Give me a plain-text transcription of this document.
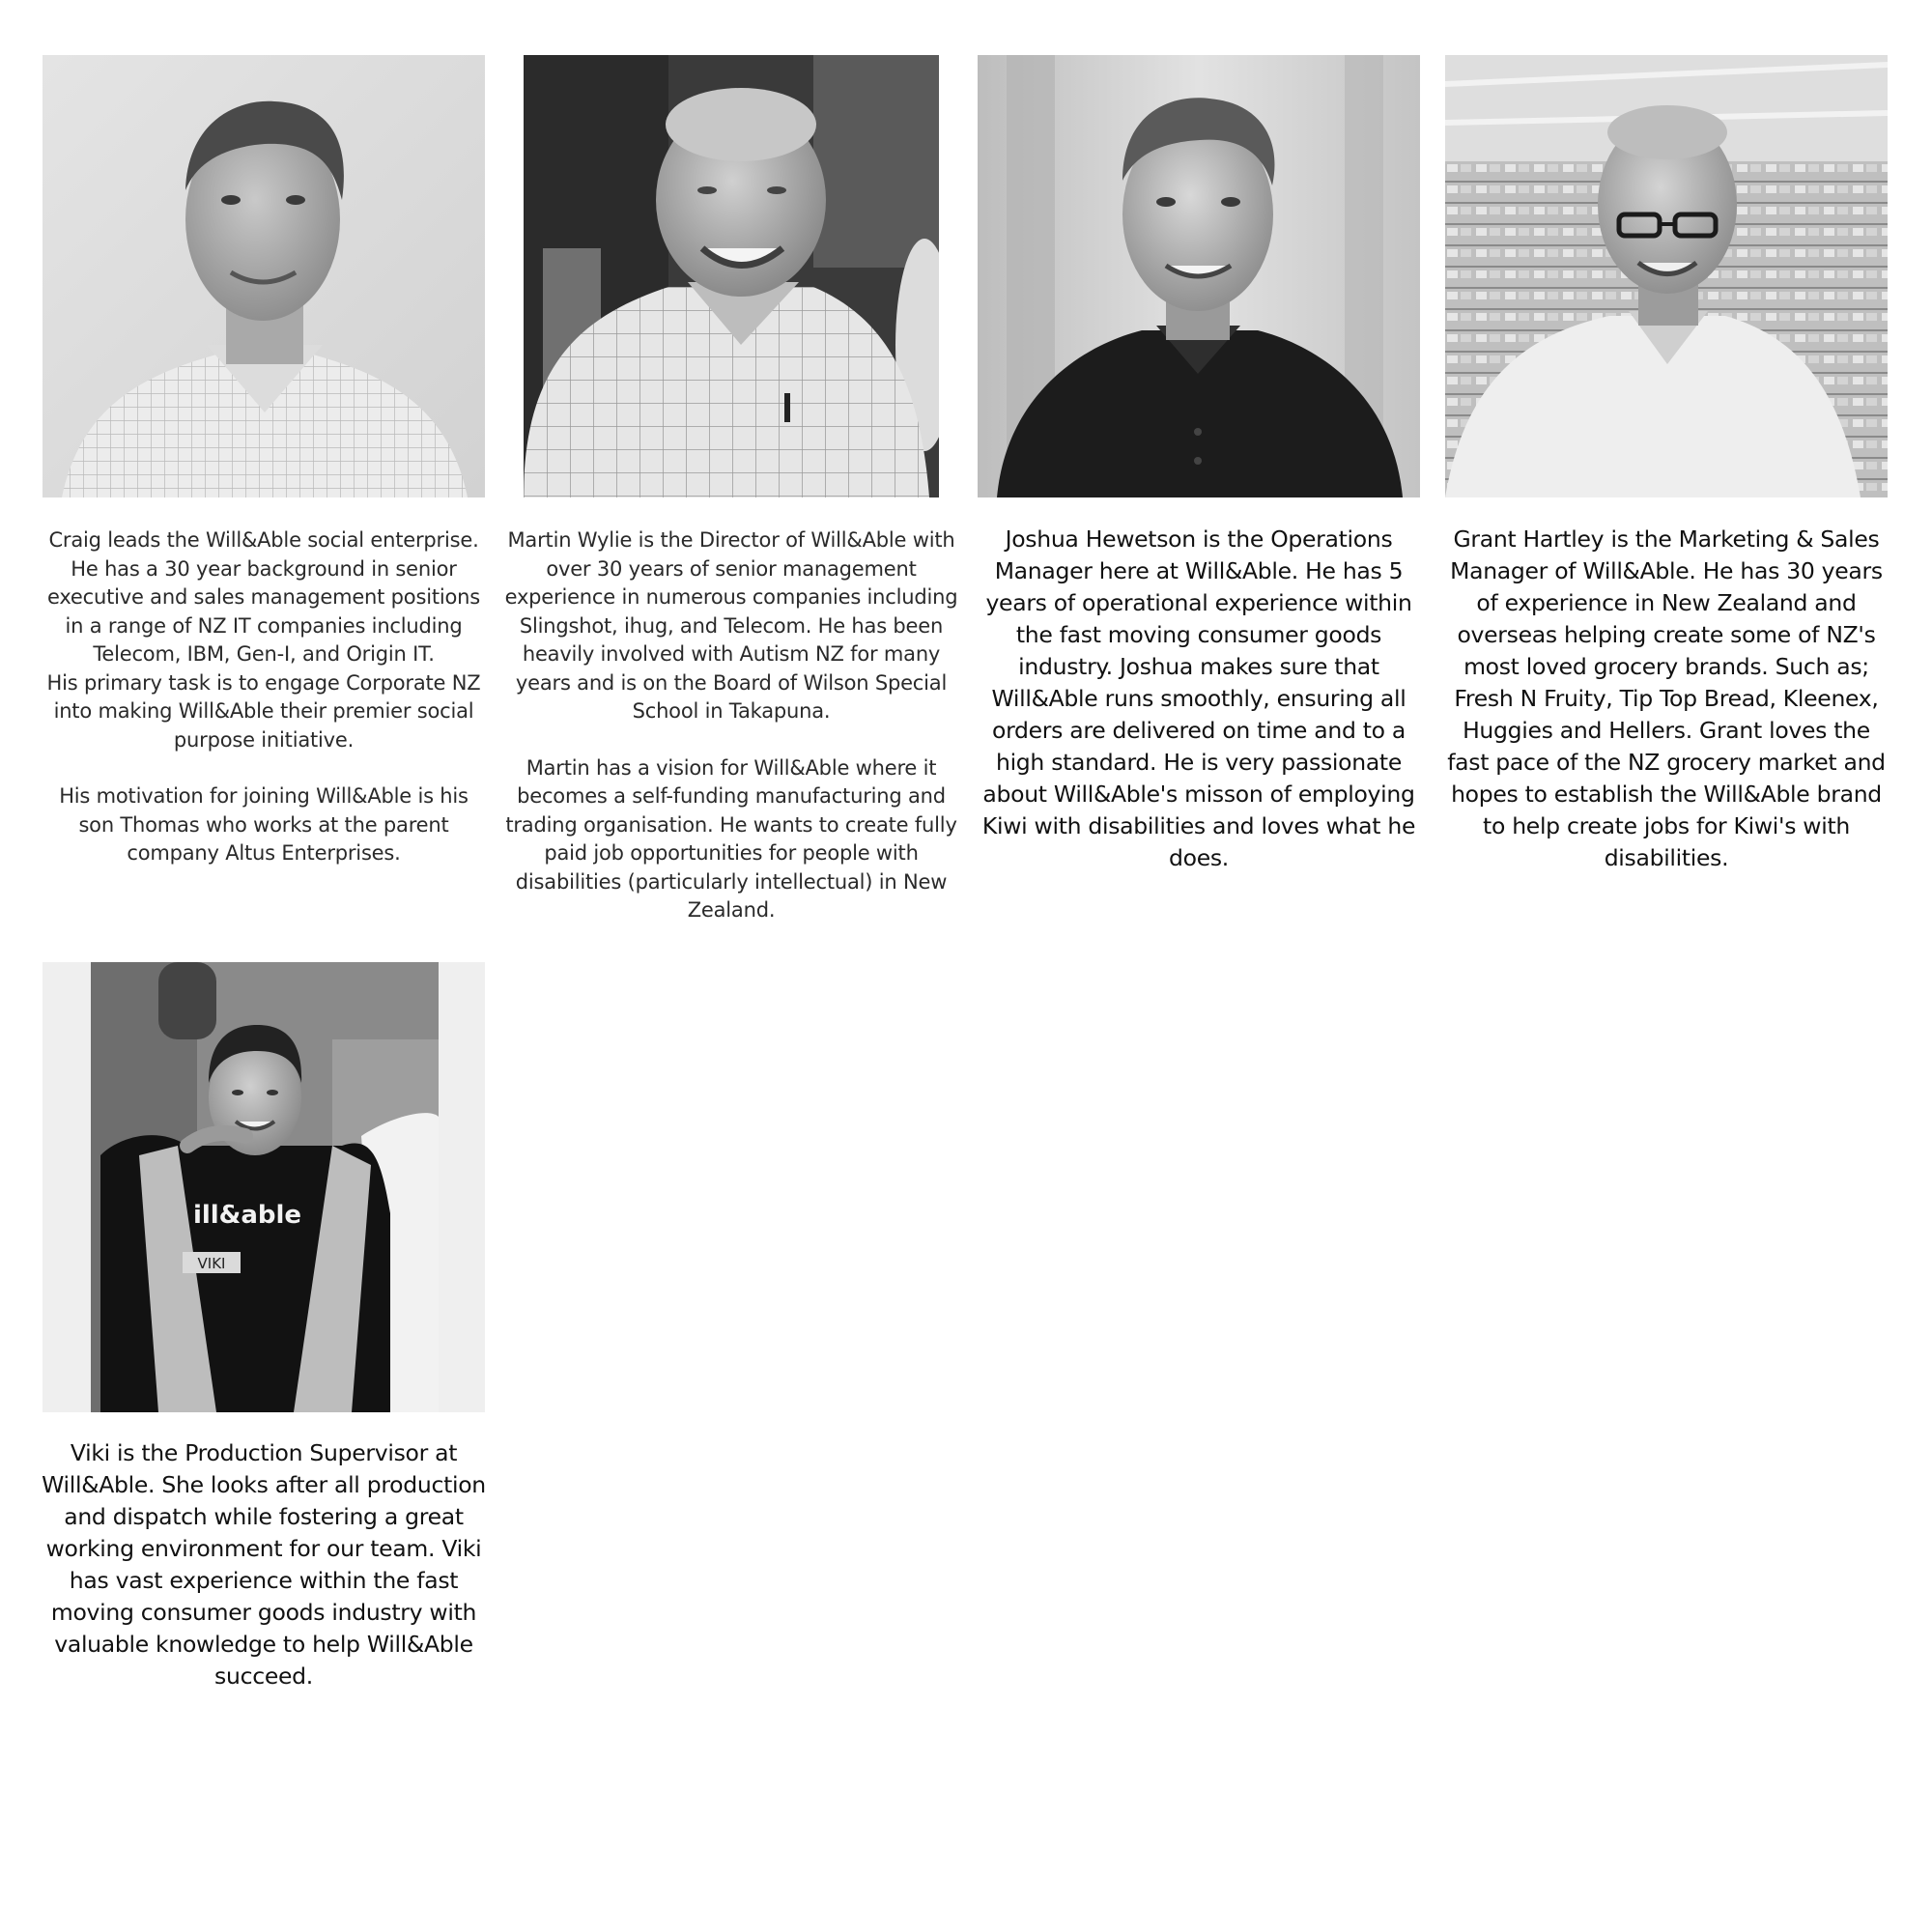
Craig leads the Will&Able social enterprise. He has a 30 year background in senior executive and sales management positions in a range of NZ IT companies including Telecom, IBM, Gen-I, and Origin IT.
His primary task is to engage Corporate NZ into making Will&Able their premier social purpose initiative.

His motivation for joining Will&Able is his son Thomas who works at the parent company Altus Enterprises.

Martin Wylie is the Director of Will&Able with over 30 years of senior management experience in numerous companies including Slingshot, ihug, and Telecom. He has been heavily involved with Autism NZ for many years and is on the Board of Wilson Special School in Takapuna.

Martin has a vision for Will&Able where it becomes a self-funding manufacturing and trading organisation. He wants to create fully paid job opportunities for people with disabilities (particularly intellectual) in New Zealand.

Joshua Hewetson is the Operations Manager here at Will&Able. He has 5 years of operational experience within the fast moving consumer goods industry. Joshua makes sure that Will&Able runs smoothly, ensuring all orders are delivered on time and to a high standard. He is very passionate about Will&Able's misson of employing Kiwi with disabilities and loves what he does.

Grant Hartley is the Marketing & Sales Manager of Will&Able. He has 30 years of experience in New Zealand and overseas helping create some of NZ's most loved grocery brands. Such as; Fresh N Fruity, Tip Top Bread, Kleenex, Huggies and Hellers. Grant loves the fast pace of the NZ grocery market and hopes to establish the Will&Able brand to help create jobs for Kiwi's with disabilities.

VIKI
ill&able

Viki is the Production Supervisor at Will&Able. She looks after all production and dispatch while fostering a great working environment for our team. Viki has vast experience within the fast moving consumer goods industry with valuable knowledge to help Will&Able succeed.
